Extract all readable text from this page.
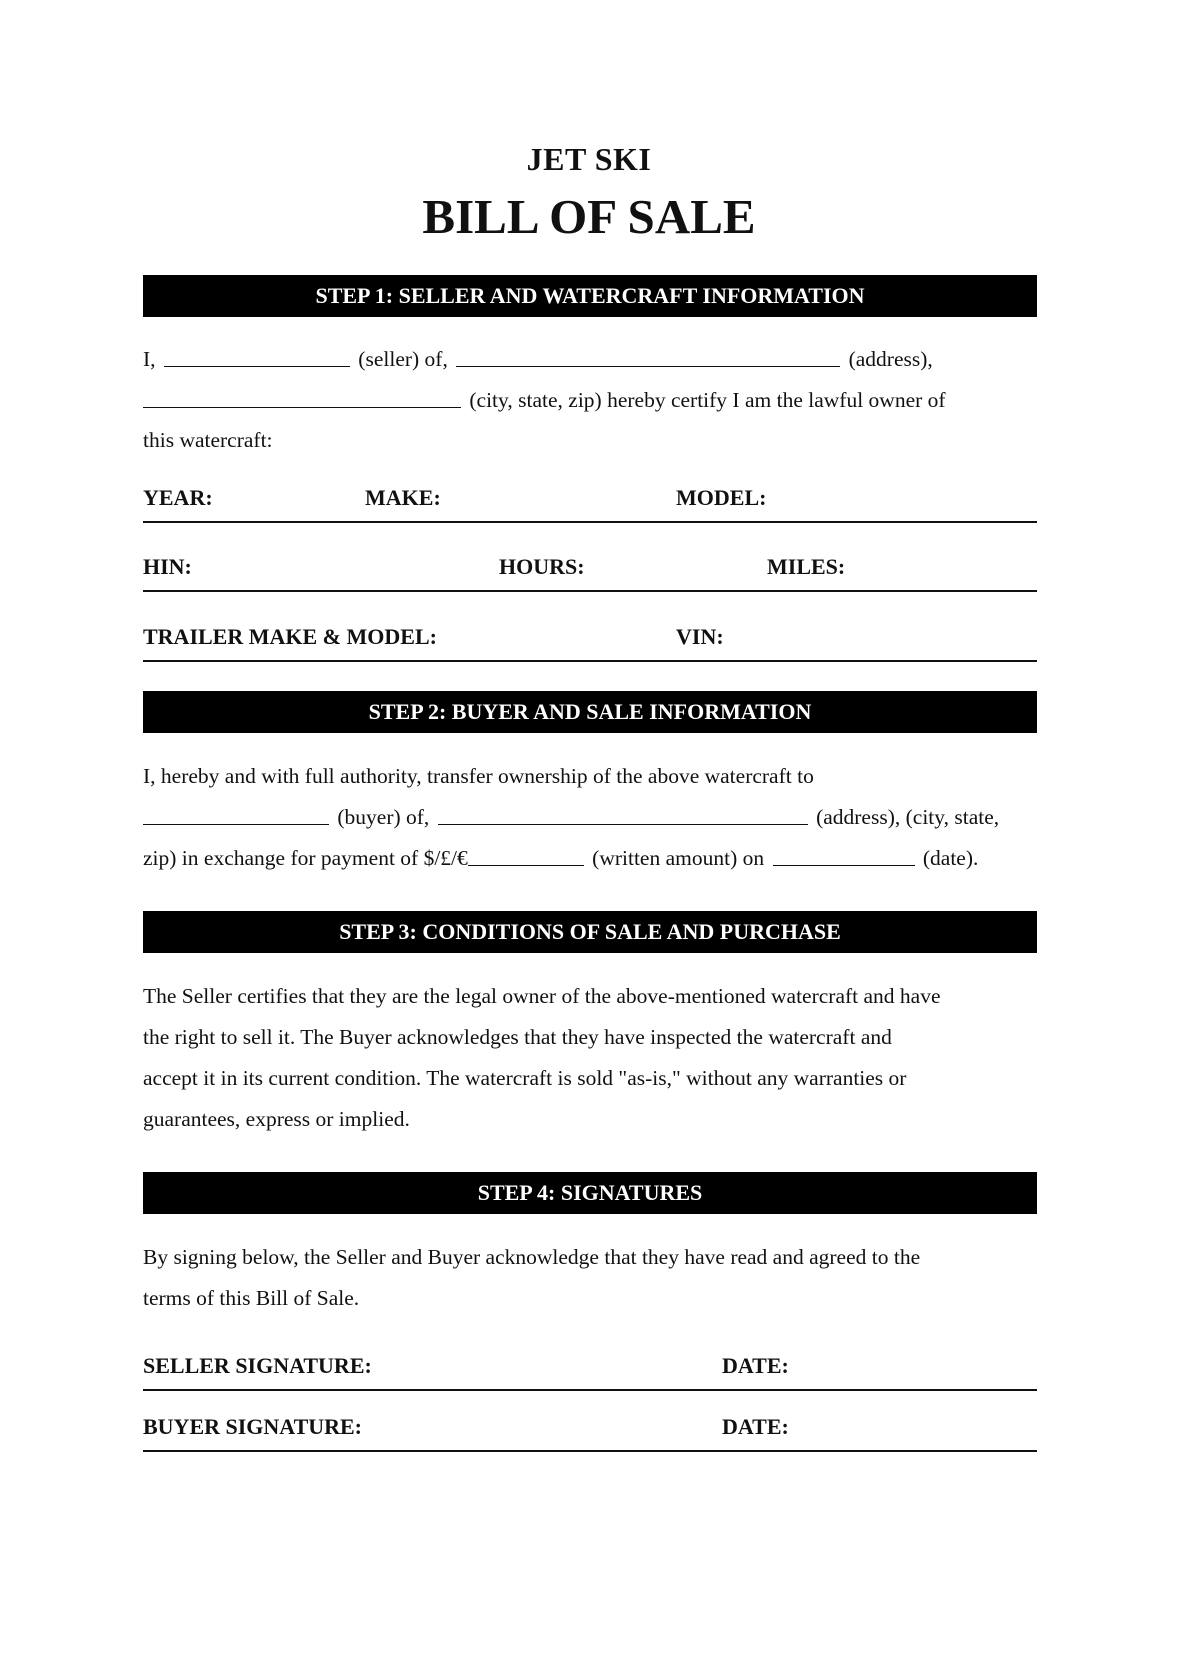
JET SKI
BILL OF SALE
STEP 1: SELLER AND WATERCRAFT INFORMATION
I,	(seller) of,	(address),
(city, state, zip) hereby certify I am the lawful owner of
this watercraft:
YEAR:	MAKE:	MODEL:
HIN:	HOURS:	MILES:
TRAILER MAKE & MODEL:	VIN:
STEP 2: BUYER AND SALE INFORMATION
I, hereby and with full authority, transfer ownership of the above watercraft to
(buyer) of,	(address), (city, state,
zip) in exchange for payment of $/£/€	(written amount) on	(date).
STEP 3: CONDITIONS OF SALE AND PURCHASE
The Seller certifies that they are the legal owner of the above-mentioned watercraft and have
the right to sell it. The Buyer acknowledges that they have inspected the watercraft and
accept it in its current condition. The watercraft is sold "as-is," without any warranties or
guarantees, express or implied.
STEP 4: SIGNATURES
By signing below, the Seller and Buyer acknowledge that they have read and agreed to the
terms of this Bill of Sale.
SELLER SIGNATURE:	DATE:
BUYER SIGNATURE:	DATE:
